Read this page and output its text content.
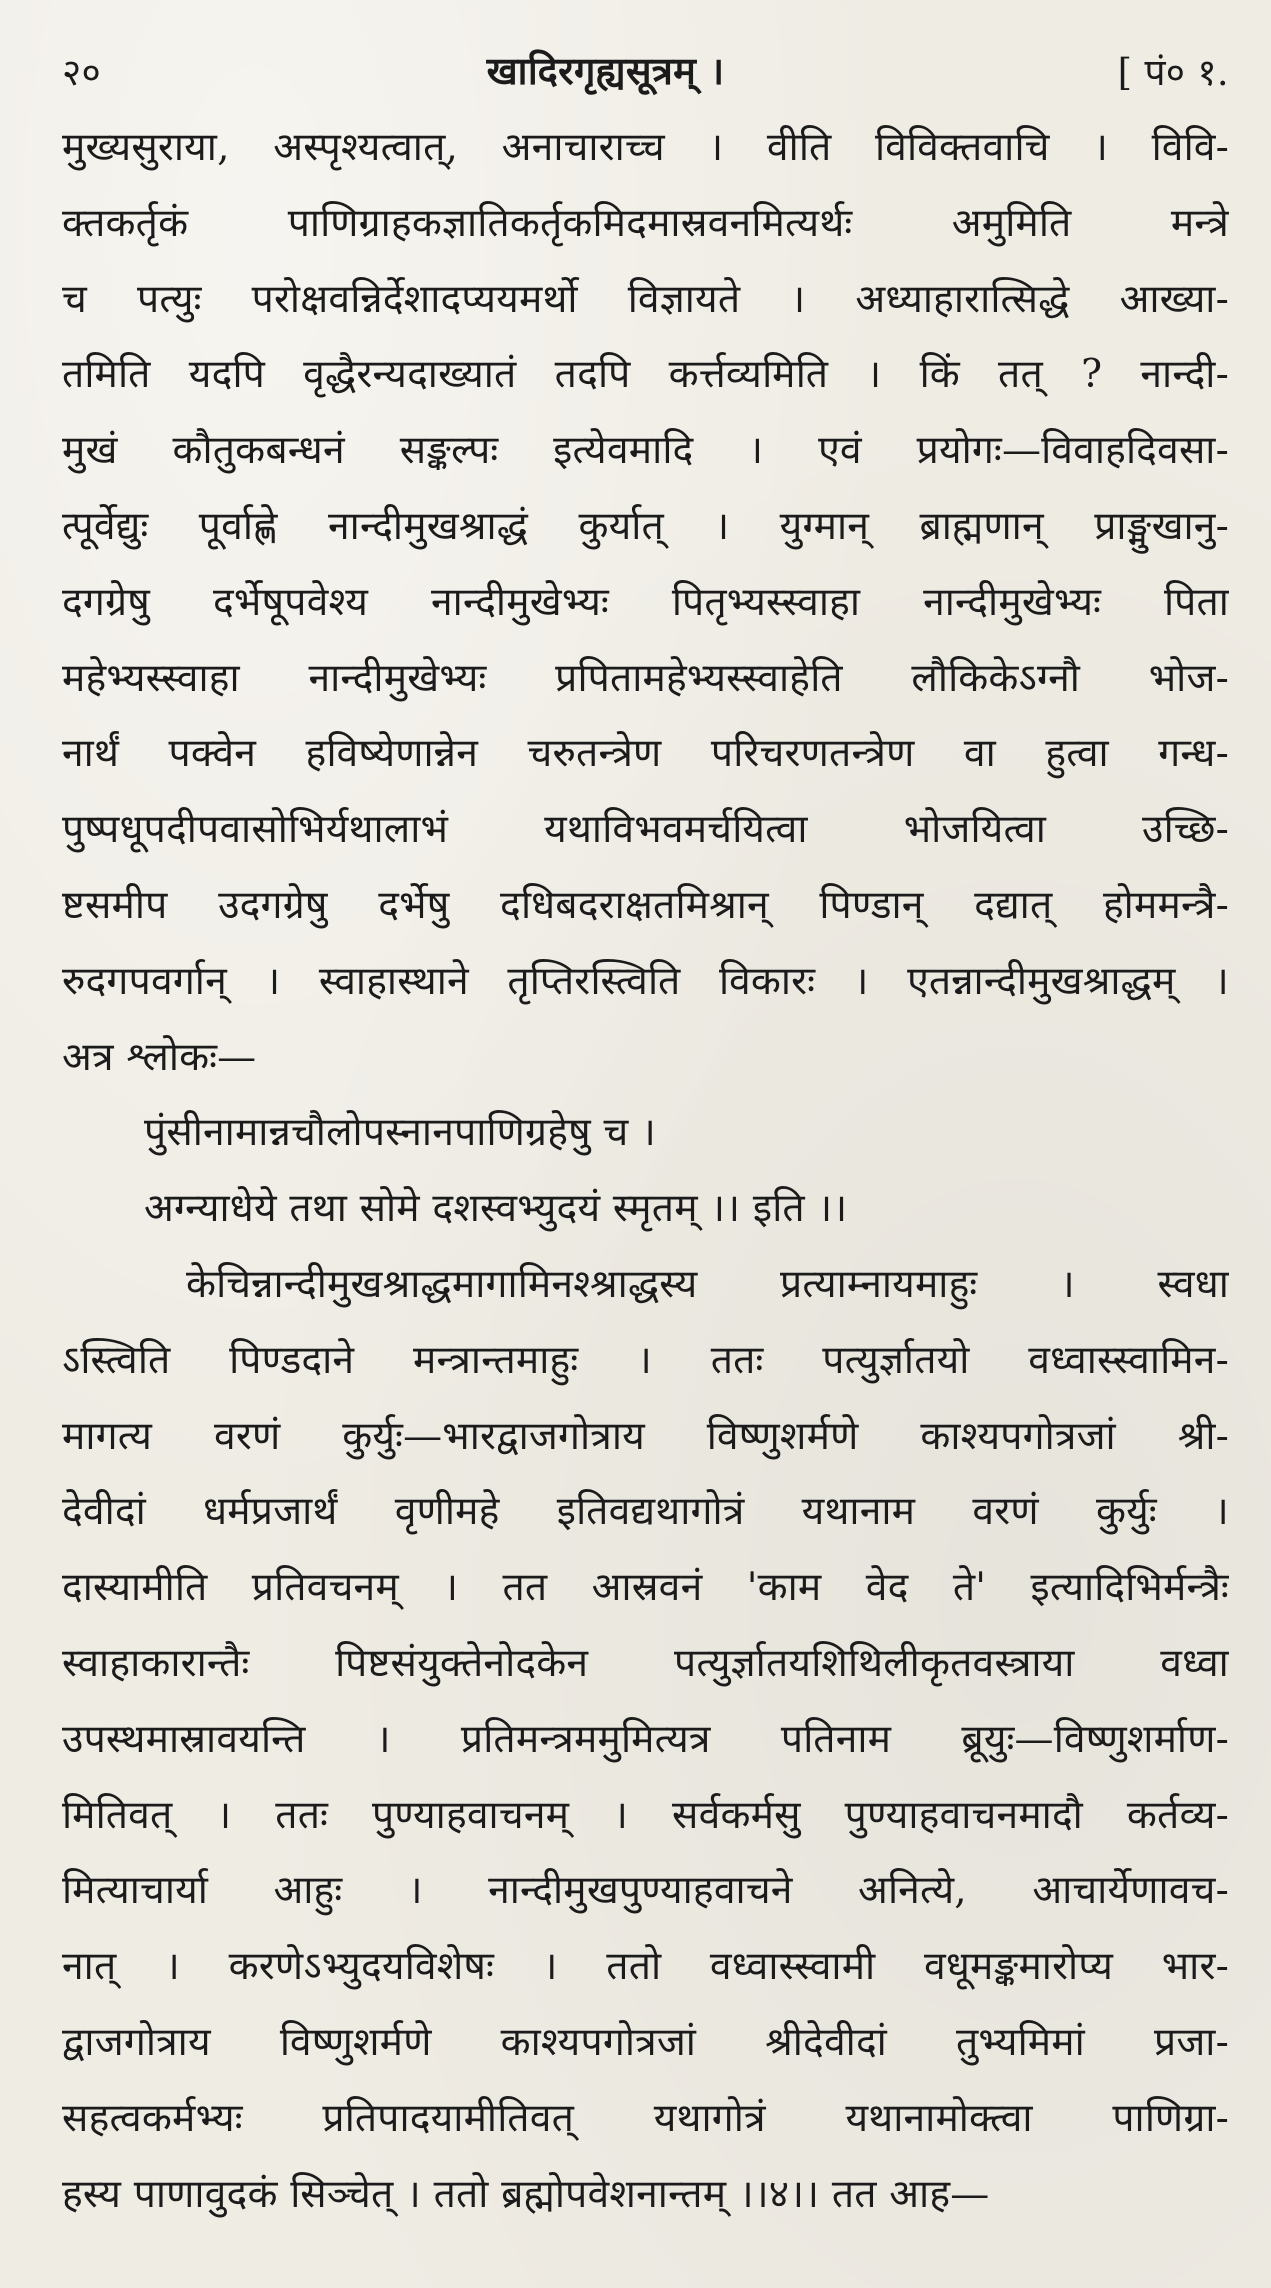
२०	खादिरगृह्यसूत्रम् ।	[ पं० १.
मुख्यसुराया, अस्पृश्यत्वात्, अनाचाराच्च । वीति विविक्तवाचि । विवि-
क्तकर्तृकं पाणिग्राहकज्ञातिकर्तृकमिदमास्रवनमित्यर्थः अमुमिति मन्त्रे
च पत्युः परोक्षवन्निर्देशादप्ययमर्थो विज्ञायते । अध्याहारात्सिद्धे आख्या-
तमिति यदपि वृद्धैरन्यदाख्यातं तदपि कर्त्तव्यमिति । किं तत् ? नान्दी-
मुखं कौतुकबन्धनं सङ्कल्पः इत्येवमादि । एवं प्रयोगः—विवाहदिवसा-
त्पूर्वेद्युः पूर्वाह्णे नान्दीमुखश्राद्धं कुर्यात् । युग्मान् ब्राह्मणान् प्राङ्मुखानु-
दगग्रेषु दर्भेषूपवेश्य नान्दीमुखेभ्यः पितृभ्यस्स्वाहा नान्दीमुखेभ्यः पिता
महेभ्यस्स्वाहा नान्दीमुखेभ्यः प्रपितामहेभ्यस्स्वाहेति लौकिकेऽग्नौ भोज-
नार्थं पक्वेन हविष्येणान्नेन चरुतन्त्रेण परिचरणतन्त्रेण वा हुत्वा गन्ध-
पुष्पधूपदीपवासोभिर्यथालाभं यथाविभवमर्चयित्वा भोजयित्वा उच्छि-
ष्टसमीप उदगग्रेषु दर्भेषु दधिबदराक्षतमिश्रान् पिण्डान् दद्यात् होममन्त्रै-
रुदगपवर्गान् । स्वाहास्थाने तृप्तिरस्त्विति विकारः । एतन्नान्दीमुखश्राद्धम् ।
अत्र श्लोकः—
पुंसीनामान्नचौलोपस्नानपाणिग्रहेषु च ।
अग्न्याधेये तथा सोमे दशस्वभ्युदयं स्मृतम् ।। इति ।।
केचिन्नान्दीमुखश्राद्धमागामिनश्श्राद्धस्य प्रत्याम्नायमाहुः । स्वधा
ऽस्त्विति पिण्डदाने मन्त्रान्तमाहुः । ततः पत्युर्ज्ञातयो वध्वास्स्वामिन-
मागत्य वरणं कुर्युः—भारद्वाजगोत्राय विष्णुशर्मणे काश्यपगोत्रजां श्री-
देवीदां धर्मप्रजार्थं वृणीमहे इतिवद्यथागोत्रं यथानाम वरणं कुर्युः ।
दास्यामीति प्रतिवचनम् । तत आस्रवनं 'काम वेद ते' इत्यादिभिर्मन्त्रैः
स्वाहाकारान्तैः पिष्टसंयुक्तेनोदकेन पत्युर्ज्ञातयशिथिलीकृतवस्त्राया वध्वा
उपस्थमास्रावयन्ति । प्रतिमन्त्रममुमित्यत्र पतिनाम ब्रूयुः—विष्णुशर्माण-
मितिवत् । ततः पुण्याहवाचनम् । सर्वकर्मसु पुण्याहवाचनमादौ कर्तव्य-
मित्याचार्या आहुः । नान्दीमुखपुण्याहवाचने अनित्ये, आचार्येणावच-
नात् । करणेऽभ्युदयविशेषः । ततो वध्वास्स्वामी वधूमङ्कमारोप्य भार-
द्वाजगोत्राय विष्णुशर्मणे काश्यपगोत्रजां श्रीदेवीदां तुभ्यमिमां प्रजा-
सहत्वकर्मभ्यः प्रतिपादयामीतिवत् यथागोत्रं यथानामोक्त्वा पाणिग्रा-
हस्य पाणावुदकं सिञ्चेत् । ततो ब्रह्मोपवेशनान्तम् ।।४।। तत आह—
